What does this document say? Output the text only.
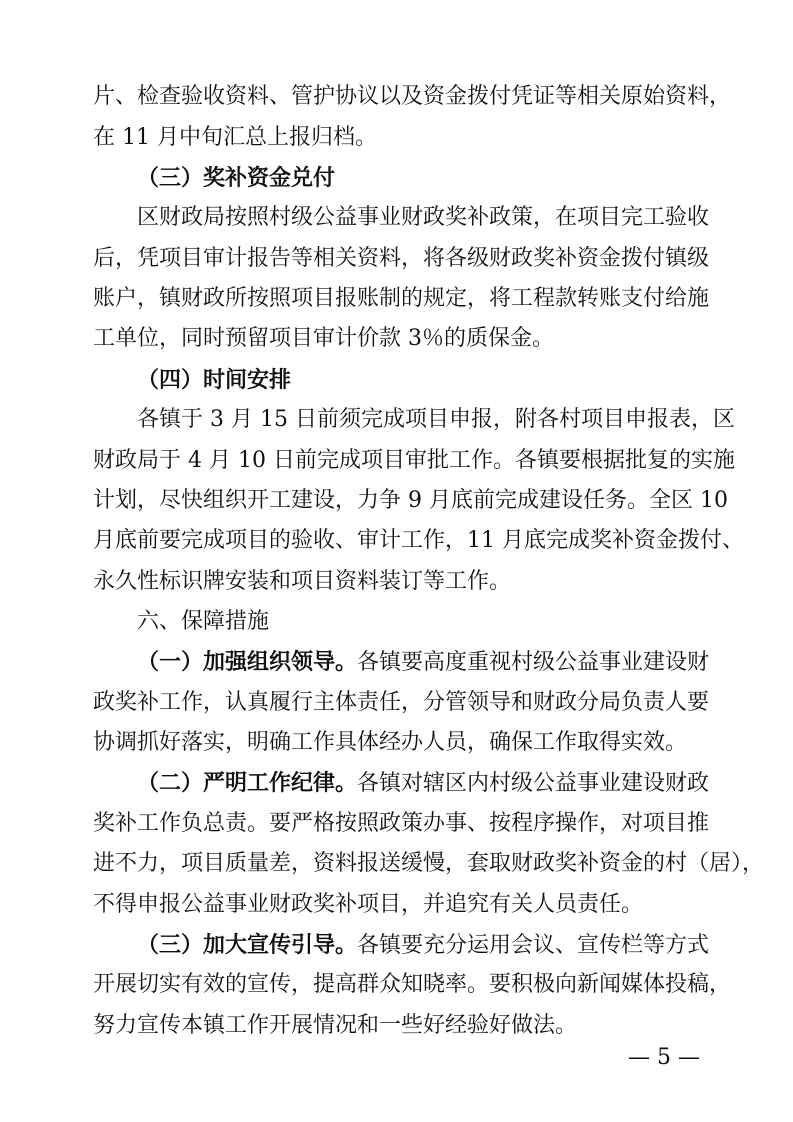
片、检查验收资料、管护协议以及资金拨付凭证等相关原始资料，
在 11 月中旬汇总上报归档。
（三）奖补资金兑付
区财政局按照村级公益事业财政奖补政策，在项目完工验收
后，凭项目审计报告等相关资料，将各级财政奖补资金拨付镇级
账户，镇财政所按照项目报账制的规定，将工程款转账支付给施
工单位，同时预留项目审计价款 3％的质保金。
（四）时间安排
各镇于 3 月 15 日前须完成项目申报，附各村项目申报表，区
财政局于 4 月 10 日前完成项目审批工作。各镇要根据批复的实施
计划，尽快组织开工建设，力争 9 月底前完成建设任务。全区 10
月底前要完成项目的验收、审计工作，11 月底完成奖补资金拨付、
永久性标识牌安装和项目资料装订等工作。
六、保障措施
（一）加强组织领导。各镇要高度重视村级公益事业建设财
政奖补工作，认真履行主体责任，分管领导和财政分局负责人要
协调抓好落实，明确工作具体经办人员，确保工作取得实效。
（二）严明工作纪律。各镇对辖区内村级公益事业建设财政
奖补工作负总责。要严格按照政策办事、按程序操作，对项目推
进不力，项目质量差，资料报送缓慢，套取财政奖补资金的村（居），
不得申报公益事业财政奖补项目，并追究有关人员责任。
（三）加大宣传引导。各镇要充分运用会议、宣传栏等方式
开展切实有效的宣传，提高群众知晓率。要积极向新闻媒体投稿，
努力宣传本镇工作开展情况和一些好经验好做法。
— 5 —
